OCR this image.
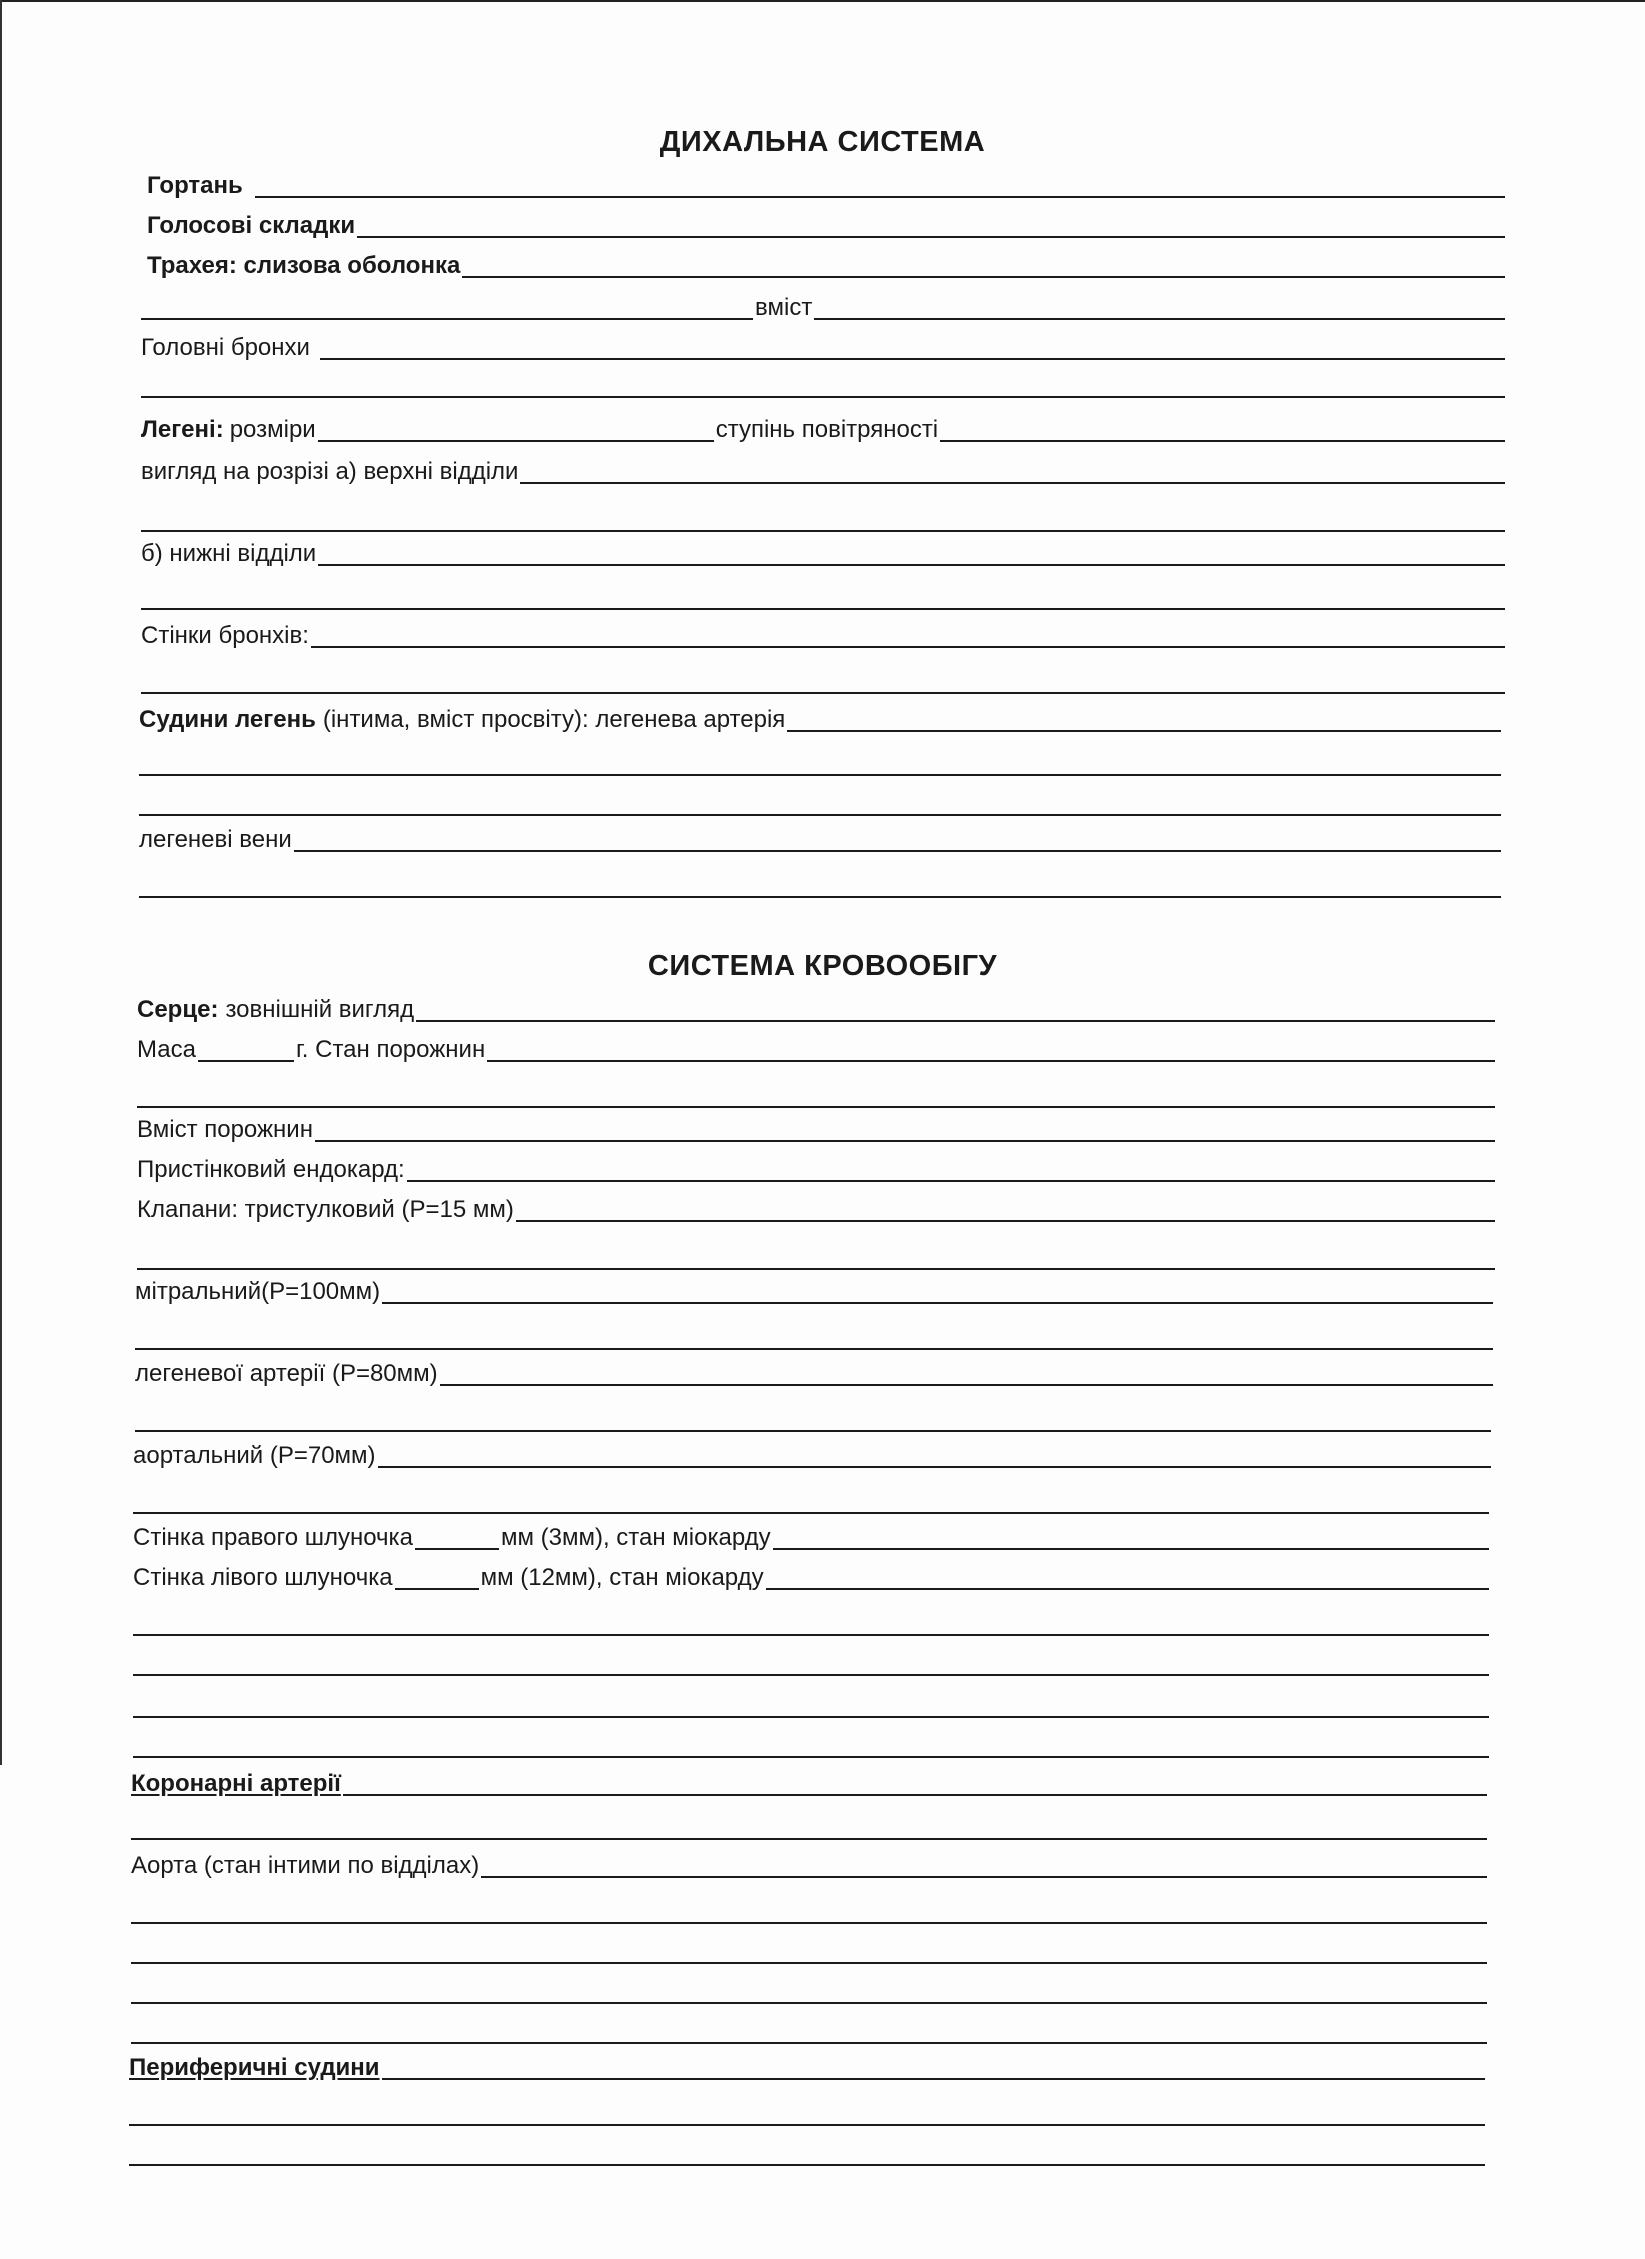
ДИХАЛЬНА СИСТЕМА
Гортань
Голосові складки
Трахея: слизова оболонка
вміст
Головні бронхи
Легені: розміри	ступінь повітряності
вигляд на розрізі а) верхні відділи
б) нижні відділи
Стінки бронхів:
Судини легень (інтима, вміст просвіту): легенева артерія
легеневі вени
СИСТЕМА КРОВООБІГУ
Серце: зовнішній вигляд
Маса	г. Стан порожнин
Вміст порожнин
Пристінковий ендокард:
Клапани: тристулковий (Р=15 мм)
мітральний(Р=100мм)
легеневої артерії (Р=80мм)
аортальний (Р=70мм)
Стінка правого шлуночка	мм (3мм), стан міокарду
Стінка лівого шлуночка	мм (12мм), стан міокарду
Коронарні артерії
Аорта (стан інтими по відділах)
Периферичні судини
